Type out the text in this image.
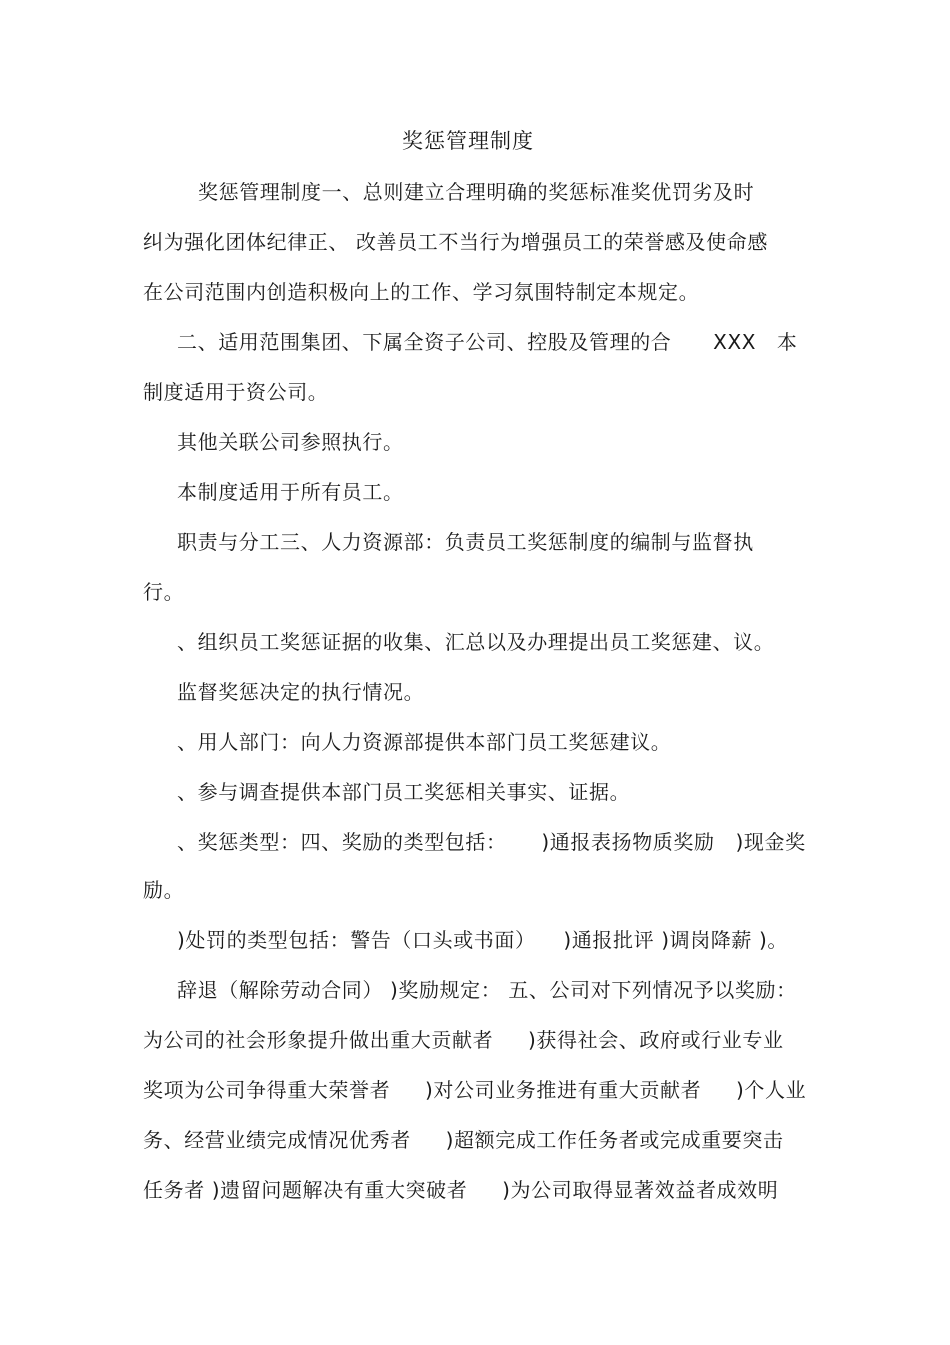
奖惩管理制度
奖惩管理制度一、总则建立合理明确的奖惩标准奖优罚劣及时
纠为强化团体纪律正、 改善员工不当行为增强员工的荣誉感及使命感
在公司范围内创造积极向上的工作、学习氛围特制定本规定。
二、适用范围集团、下属全资子公司、控股及管理的合      XXX   本
制度适用于资公司。
其他关联公司参照执行。
本制度适用于所有员工。
职责与分工三、人力资源部：负责员工奖惩制度的编制与监督执
行。
、组织员工奖惩证据的收集、汇总以及办理提出员工奖惩建、议。
监督奖惩决定的执行情况。
、用人部门：向人力资源部提供本部门员工奖惩建议。
、参与调查提供本部门员工奖惩相关事实、证据。
、奖惩类型：四、奖励的类型包括：     )通报表扬物质奖励   )现金奖
励。
)处罚的类型包括：警告（口头或书面）    )通报批评 )调岗降薪 )。
辞退（解除劳动合同） )奖励规定： 五、公司对下列情况予以奖励：
为公司的社会形象提升做出重大贡献者     )获得社会、政府或行业专业
奖项为公司争得重大荣誉者     )对公司业务推进有重大贡献者     )个人业
务、经营业绩完成情况优秀者     )超额完成工作任务者或完成重要突击
任务者 )遗留问题解决有重大突破者     )为公司取得显著效益者成效明
